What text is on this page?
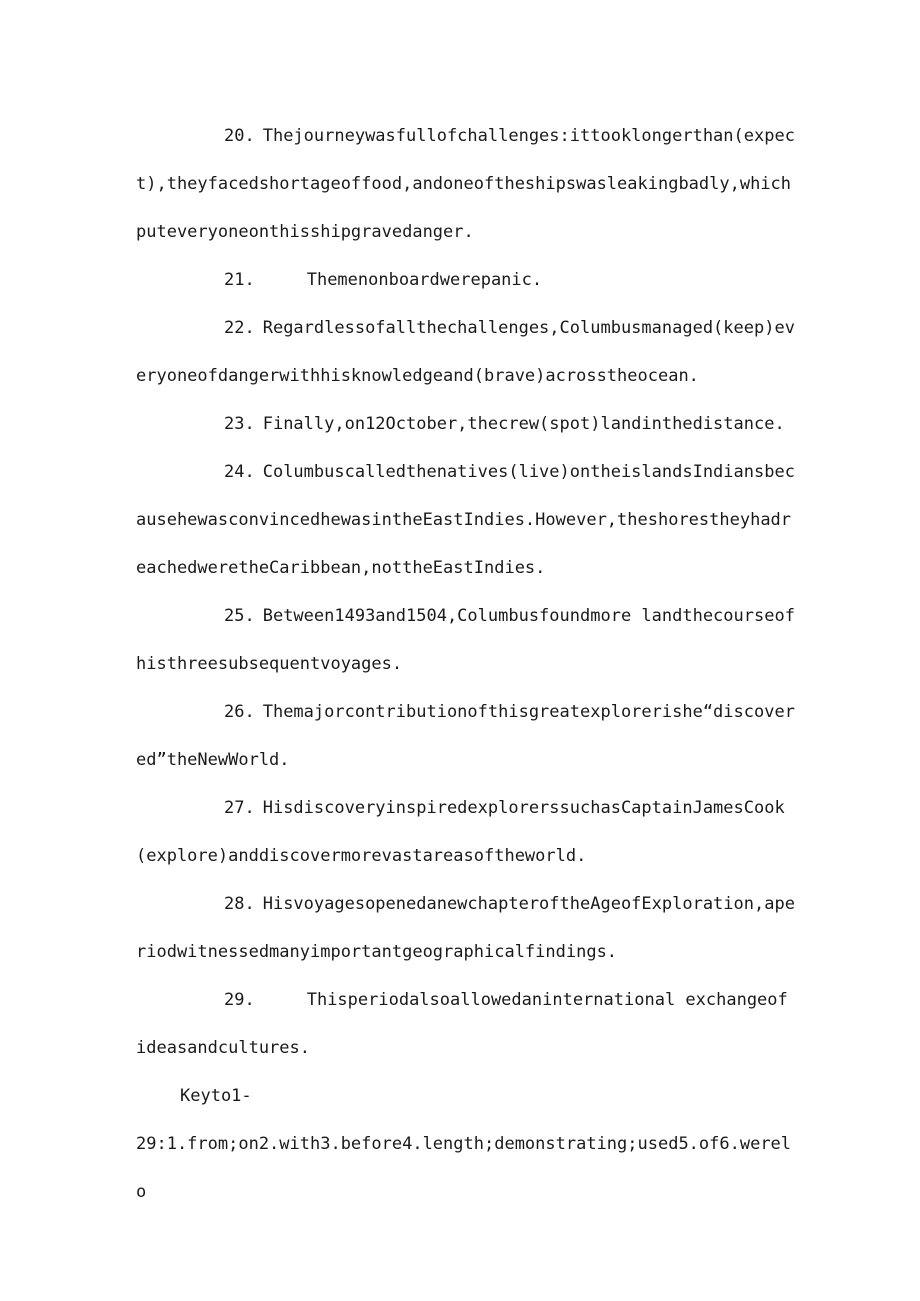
20. Thejourneywasfullofchallenges:ittooklongerthan(expect),theyfacedshortageoffood,andoneoftheshipswasleakingbadly,whichputeveryoneonthisshipgravedanger.

21.	Themenonboardwerepanic.

22. Regardlessofallthechallenges,Columbusmanaged(keep)everyoneofdangerwithhisknowledgeand(brave)acrosstheocean.

23. Finally,on12October,thecrew(spot)landinthedistance.

24. Columbuscalledthenatives(live)ontheislandsIndiansbecausehewasconvincedhewasintheEastIndies.However,theshorestheyhadreachedweretheCaribbean,nottheEastIndies.

25. Between1493and1504,Columbusfoundmore landthecourseofhisthreesubsequentvoyages.

26. Themajorcontributionofthisgreatexplorerishe“discovered”theNewWorld.

27. HisdiscoveryinspiredexplorerssuchasCaptainJamesCook(explore)anddiscovermorevastareasoftheworld.

28. HisvoyagesopenedanewchapteroftheAgeofExploration,aperiodwitnessedmanyimportantgeographicalfindings.

29.	Thisperiodalsoallowedaninternational exchangeofideasandcultures.

Keyto1-

29:1.from;on2.with3.before4.length;demonstrating;used5.of6.werelo
